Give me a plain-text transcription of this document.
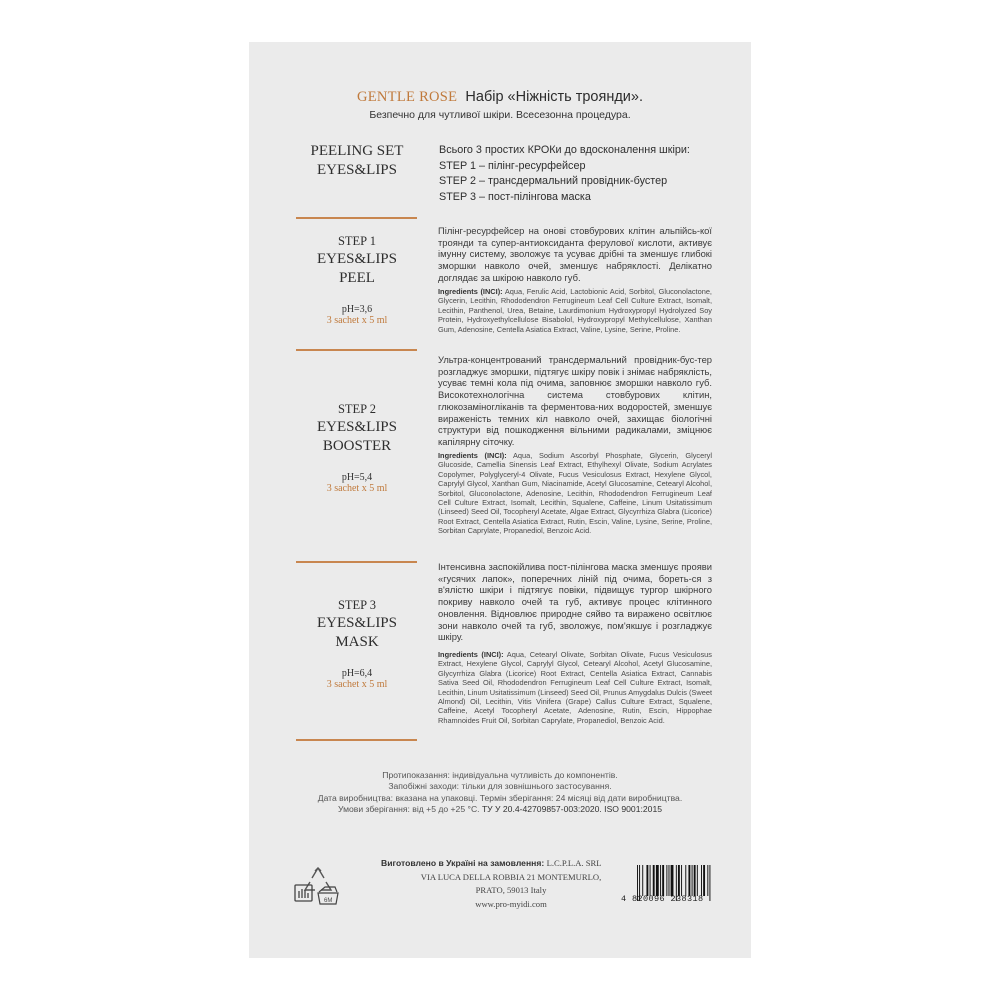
GENTLE ROSE Набір «Ніжність троянди».
Безпечно для чутливої шкіри. Всесезонна процедура.
PEELING SET
EYES&LIPS
Всього 3 простих КРОКи до вдосконалення шкіри:
STEP 1 – пілінг-ресурфейсер
STEP 2 – трансдермальний провідник-бустер
STEP 3 – пост-пілінгова маска
STEP 1
EYES&LIPS
PEEL
pH=3,6
3 sachet x 5 ml
Пілінг-ресурфейсер на онові стовбурових клітин альпійсь-кої троянди та супер-антиоксиданта ферулової кислоти, активує імунну систему, зволожує та усуває дрібні та зменшує глибокі зморшки навколо очей, зменшує набряклості. Делікатно доглядає за шкірою навколо губ.
Ingredients (INCI): Aqua, Ferulic Acid, Lactobionic Acid, Sorbitol, Gluconolactone, Glycerin, Lecithin, Rhododendron Ferrugineum Leaf Cell Culture Extract, Isomalt, Lecithin, Panthenol, Urea, Betaine, Laurdimonium Hydroxypropyl Hydrolyzed Soy Protein, Hydroxyethylcellulose Bisabolol, Hydroxypropyl Methylcellulose, Xanthan Gum, Adenosine, Centella Asiatica Extract, Valine, Lysine, Serine, Proline.
STEP 2
EYES&LIPS
BOOSTER
pH=5,4
3 sachet x 5 ml
Ультра-концентрований трансдермальний провідник-бус-тер розгладжує зморшки, підтягує шкіру повік і знімає набряклість, усуває темні кола під очима, заповнює зморшки навколо губ. Високотехнологічна система стовбурових клітин, глюкозаміногліканів та ферментова-них водоростей, зменшує вираженість темних кіл навколо очей, захищає біологічні структури від пошкодження вільними радикалами, зміцнює капілярну сіточку.
Ingredients (INCI): Aqua, Sodium Ascorbyl Phosphate, Glycerin, Glyceryl Glucoside, Camellia Sinensis Leaf Extract, Ethylhexyl Olivate, Sodium Acrylates Copolymer, Polyglyceryl-4 Olivate, Fucus Vesiculosus Extract, Hexylene Glycol, Caprylyl Glycol, Xanthan Gum, Niacinamide, Acetyl Glucosamine, Cetearyl Alcohol, Sorbitol, Gluconolactone, Adenosine, Lecithin, Rhododendron Ferrugineum Leaf Cell Culture Extract, Isomalt, Lecithin, Squalene, Caffeine, Linum Usitatissimum (Linseed) Seed Oil, Tocopheryl Acetate, Algae Extract, Glycyrrhiza Glabra (Licorice) Root Extract, Centella Asiatica Extract, Rutin, Escin, Valine, Lysine, Serine, Proline, Sorbitan Caprylate, Propanediol, Benzoic Acid.
STEP 3
EYES&LIPS
MASK
pH=6,4
3 sachet x 5 ml
Інтенсивна заспокійлива пост-пілінгова маска зменшує прояви «гусячих лапок», поперечних ліній під очима, бореть-ся з в'ялістю шкіри і підтягує повіки, підвищує тургор шкірного покриву навколо очей та губ, активує процес клітинного оновлення. Відновлює природне сяйво та виражено освітлює зони навколо очей та губ, зволожує, пом'якшує і розгладжує шкіру.
Ingredients (INCI): Aqua, Cetearyl Olivate, Sorbitan Olivate, Fucus Vesiculosus Extract, Hexylene Glycol, Caprylyl Glycol, Cetearyl Alcohol, Acetyl Glucosamine, Glycyrrhiza Glabra (Licorice) Root Extract, Centella Asiatica Extract, Cannabis Sativa Seed Oil, Rhododendron Ferrugineum Leaf Cell Culture Extract, Isomalt, Lecithin, Linum Usitatissimum (Linseed) Seed Oil, Prunus Amygdalus Dulcis (Sweet Almond) Oil, Lecithin, Vitis Vinifera (Grape) Callus Culture Extract, Squalene, Caffeine, Acetyl Tocopheryl Acetate, Adenosine, Rutin, Escin, Hippophae Rhamnoides Fruit Oil, Sorbitan Caprylate, Propanediol, Benzoic Acid.
Протипоказання: індивідуальна чутливість до компонентів.
Запобіжні заходи: тільки для зовнішнього застосування.
Дата виробництва: вказана на упаковці. Термін зберігання: 24 місяці від дати виробництва.
Умови зберігання: від +5 до +25 °С. ТУ У 20.4-42709857-003:2020. ISO 9001:2015
6M
Виготовлено в Україні на замовлення: L.C.P.L.A. SRL
VIA LUCA DELLA ROBBIA 21 MONTEMURLO,
PRATO, 59013 Italy
www.pro-myidi.com	4 820096 238318
